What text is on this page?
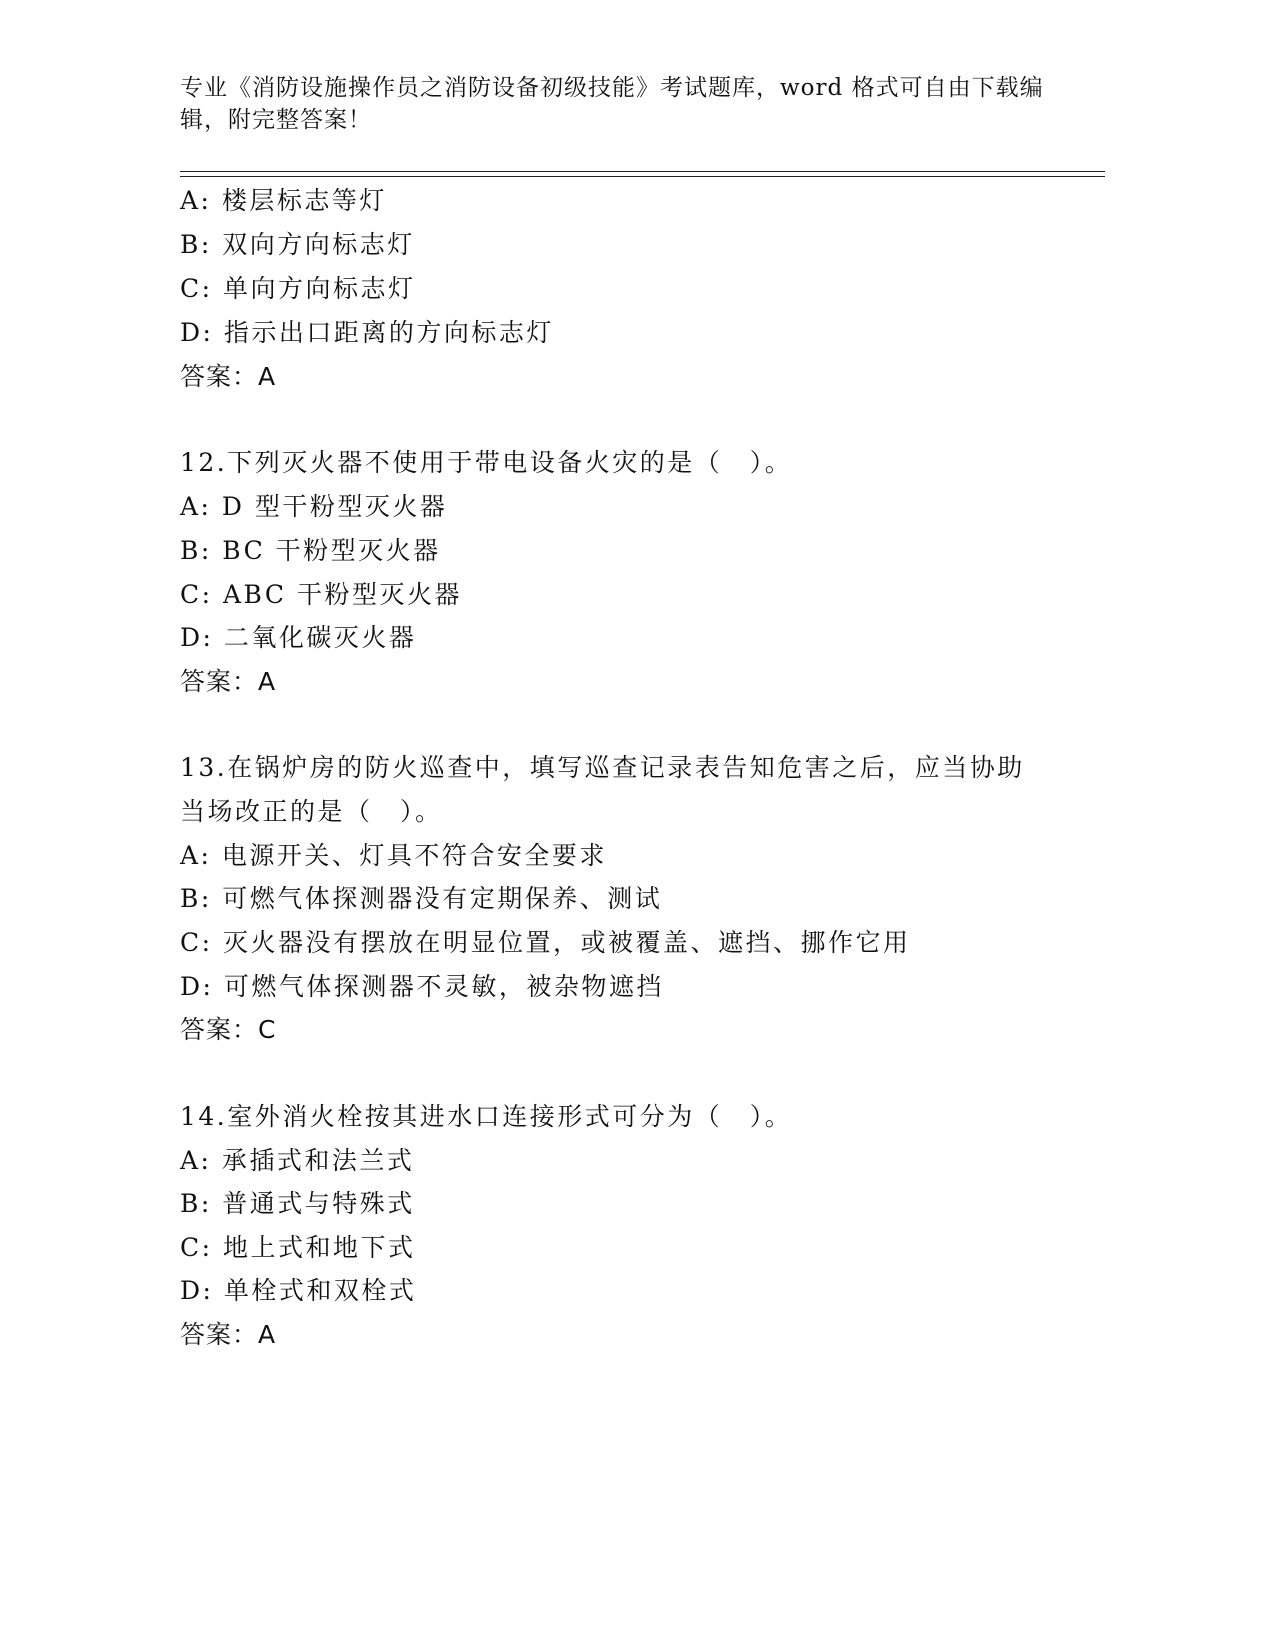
专业《消防设施操作员之消防设备初级技能》考试题库，word 格式可自由下载编
辑，附完整答案！
A: 楼层标志等灯
B: 双向方向标志灯
C: 单向方向标志灯
D: 指示出口距离的方向标志灯
答案：A
12.下列灭火器不使用于带电设备火灾的是（　）。
A: D 型干粉型灭火器
B: BC 干粉型灭火器
C: ABC 干粉型灭火器
D: 二氧化碳灭火器
答案：A
13.在锅炉房的防火巡查中，填写巡查记录表告知危害之后，应当协助
当场改正的是（　）。
A: 电源开关、灯具不符合安全要求
B: 可燃气体探测器没有定期保养、测试
C: 灭火器没有摆放在明显位置，或被覆盖、遮挡、挪作它用
D: 可燃气体探测器不灵敏，被杂物遮挡
答案：C
14.室外消火栓按其进水口连接形式可分为（　）。
A: 承插式和法兰式
B: 普通式与特殊式
C: 地上式和地下式
D: 单栓式和双栓式
答案：A
